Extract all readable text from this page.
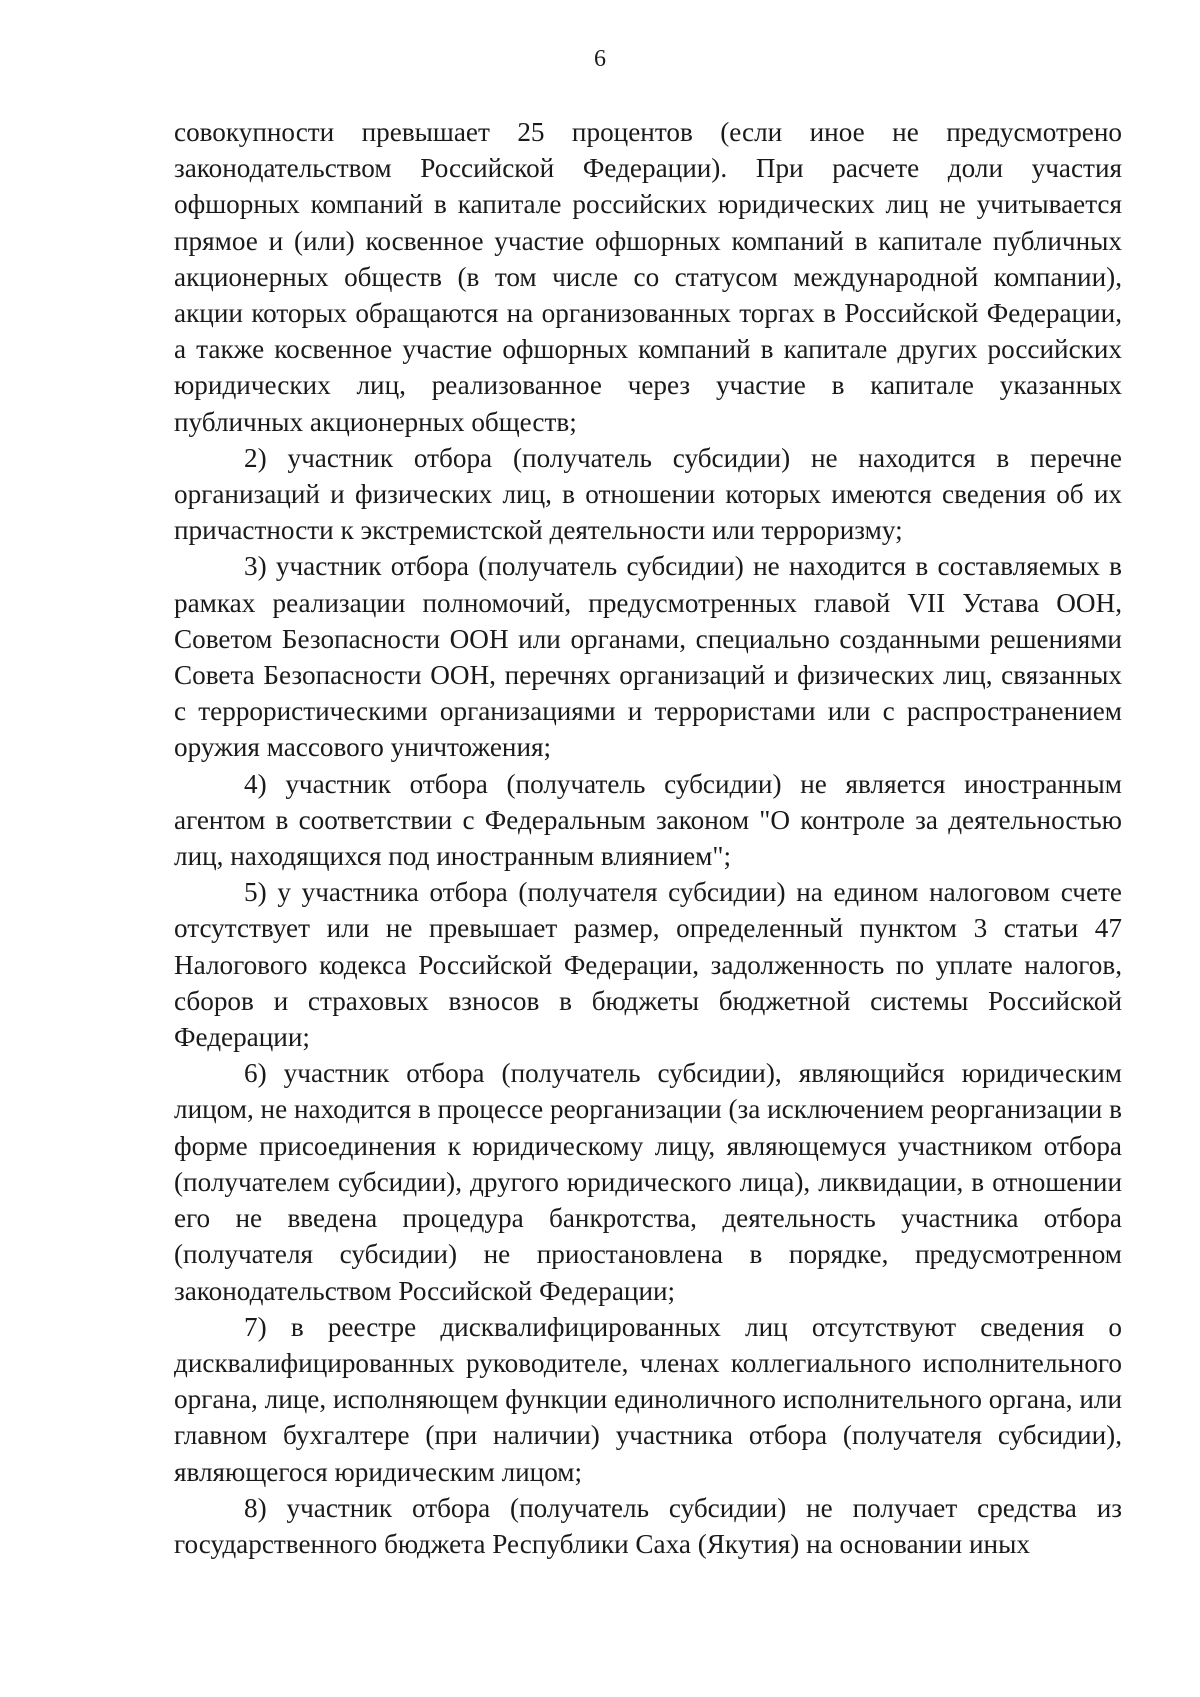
6

совокупности превышает 25 процентов (если иное не предусмотрено законодательством Российской Федерации). При расчете доли участия офшорных компаний в капитале российских юридических лиц не учитывается прямое и (или) косвенное участие офшорных компаний в капитале публичных акционерных обществ (в том числе со статусом международной компании), акции которых обращаются на организованных торгах в Российской Федерации, а также косвенное участие офшорных компаний в капитале других российских юридических лиц, реализованное через участие в капитале указанных публичных акционерных обществ;

2) участник отбора (получатель субсидии) не находится в перечне организаций и физических лиц, в отношении которых имеются сведения об их причастности к экстремистской деятельности или терроризму;

3) участник отбора (получатель субсидии) не находится в составляемых в рамках реализации полномочий, предусмотренных главой VII Устава ООН, Советом Безопасности ООН или органами, специально созданными решениями Совета Безопасности ООН, перечнях организаций и физических лиц, связанных с террористическими организациями и террористами или с распространением оружия массового уничтожения;

4) участник отбора (получатель субсидии) не является иностранным агентом в соответствии с Федеральным законом "О контроле за деятельностью лиц, находящихся под иностранным влиянием";

5) у участника отбора (получателя субсидии) на едином налоговом счете отсутствует или не превышает размер, определенный пунктом 3 статьи 47 Налогового кодекса Российской Федерации, задолженность по уплате налогов, сборов и страховых взносов в бюджеты бюджетной системы Российской Федерации;

6) участник отбора (получатель субсидии), являющийся юридическим лицом, не находится в процессе реорганизации (за исключением реорганизации в форме присоединения к юридическому лицу, являющемуся участником отбора (получателем субсидии), другого юридического лица), ликвидации, в отношении его не введена процедура банкротства, деятельность участника отбора (получателя субсидии) не приостановлена в порядке, предусмотренном законодательством Российской Федерации;

7) в реестре дисквалифицированных лиц отсутствуют сведения о дисквалифицированных руководителе, членах коллегиального исполнительного органа, лице, исполняющем функции единоличного исполнительного органа, или главном бухгалтере (при наличии) участника отбора (получателя субсидии), являющегося юридическим лицом;

8) участник отбора (получатель субсидии) не получает средства из государственного бюджета Республики Саха (Якутия) на основании иных
